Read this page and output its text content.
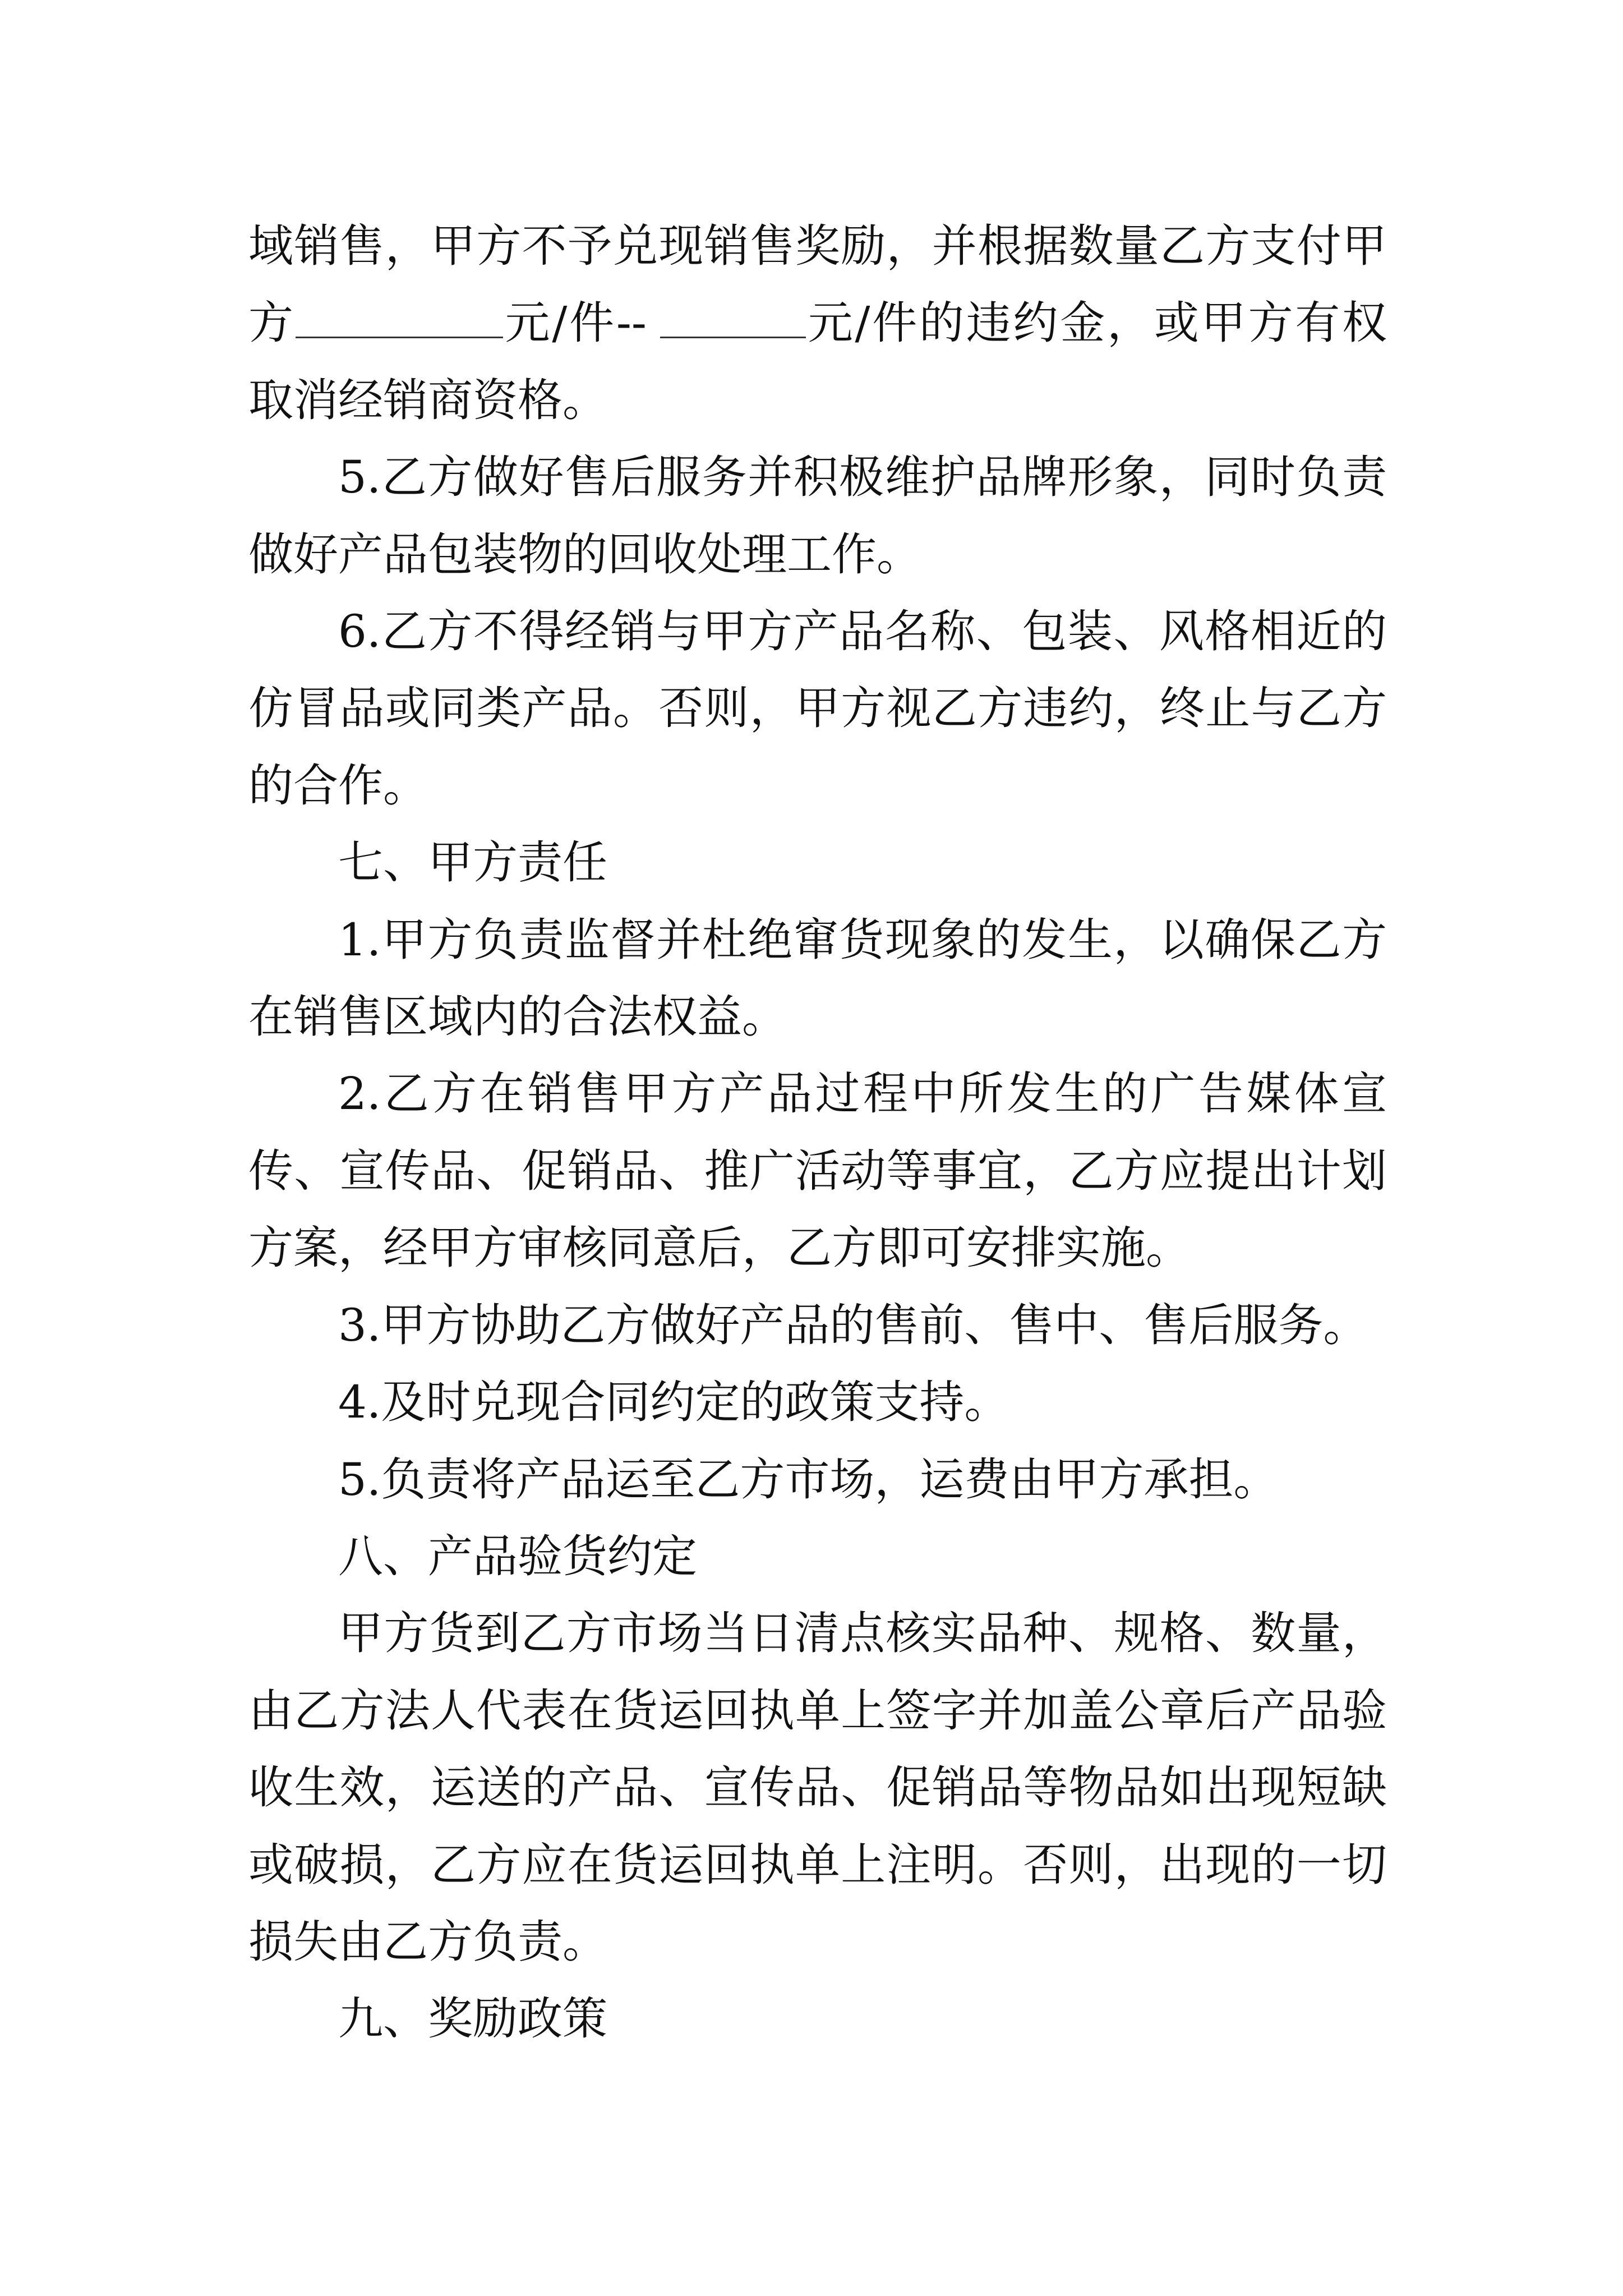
域销售，甲方不予兑现销售奖励，并根据数量乙方支付甲方	元/件--	元/件的违约金，或甲方有权取消经销商资格。

5.乙方做好售后服务并积极维护品牌形象，同时负责做好产品包装物的回收处理工作。

6.乙方不得经销与甲方产品名称、包装、风格相近的仿冒品或同类产品。否则，甲方视乙方违约，终止与乙方的合作。

七、甲方责任

1.甲方负责监督并杜绝窜货现象的发生，以确保乙方在销售区域内的合法权益。

2.乙方在销售甲方产品过程中所发生的广告媒体宣传、宣传品、促销品、推广活动等事宜，乙方应提出计划方案，经甲方审核同意后，乙方即可安排实施。

3.甲方协助乙方做好产品的售前、售中、售后服务。

4.及时兑现合同约定的政策支持。

5.负责将产品运至乙方市场，运费由甲方承担。

八、产品验货约定

甲方货到乙方市场当日清点核实品种、规格、数量，由乙方法人代表在货运回执单上签字并加盖公章后产品验收生效，运送的产品、宣传品、促销品等物品如出现短缺或破损，乙方应在货运回执单上注明。否则，出现的一切损失由乙方负责。

九、奖励政策
